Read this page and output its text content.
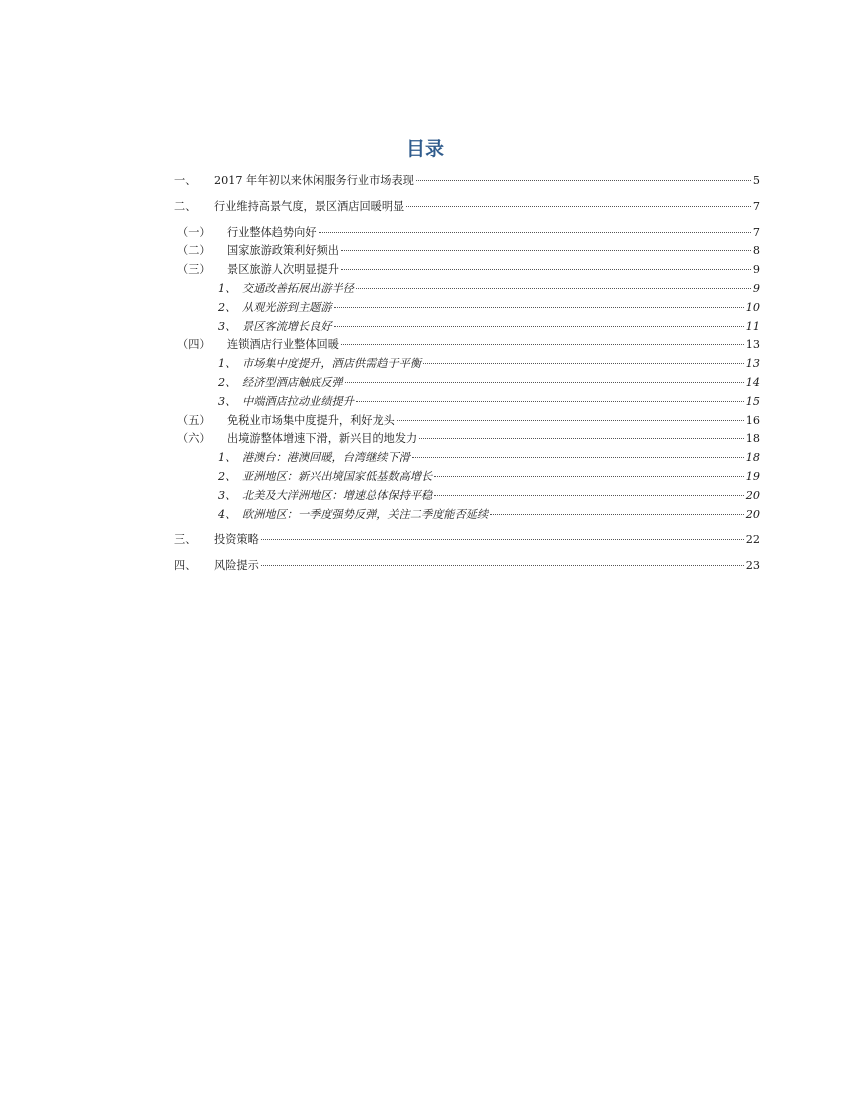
目录
一、	2017 年年初以来休闲服务行业市场表现	5
二、	行业维持高景气度，景区酒店回暖明显	7
（一）	行业整体趋势向好	7
（二）	国家旅游政策利好频出	8
（三）	景区旅游人次明显提升	9
1、 交通改善拓展出游半径	9
2、 从观光游到主题游	10
3、 景区客流增长良好	11
（四）	连锁酒店行业整体回暖	13
1、 市场集中度提升，酒店供需趋于平衡	13
2、 经济型酒店触底反弹	14
3、 中端酒店拉动业绩提升	15
（五）	免税业市场集中度提升，利好龙头	16
（六）	出境游整体增速下滑，新兴目的地发力	18
1、 港澳台：港澳回暖，台湾继续下滑	18
2、 亚洲地区：新兴出境国家低基数高增长	19
3、 北美及大洋洲地区：增速总体保持平稳	20
4、 欧洲地区：一季度强势反弹，关注二季度能否延续	20
三、	投资策略	22
四、	风险提示	23
